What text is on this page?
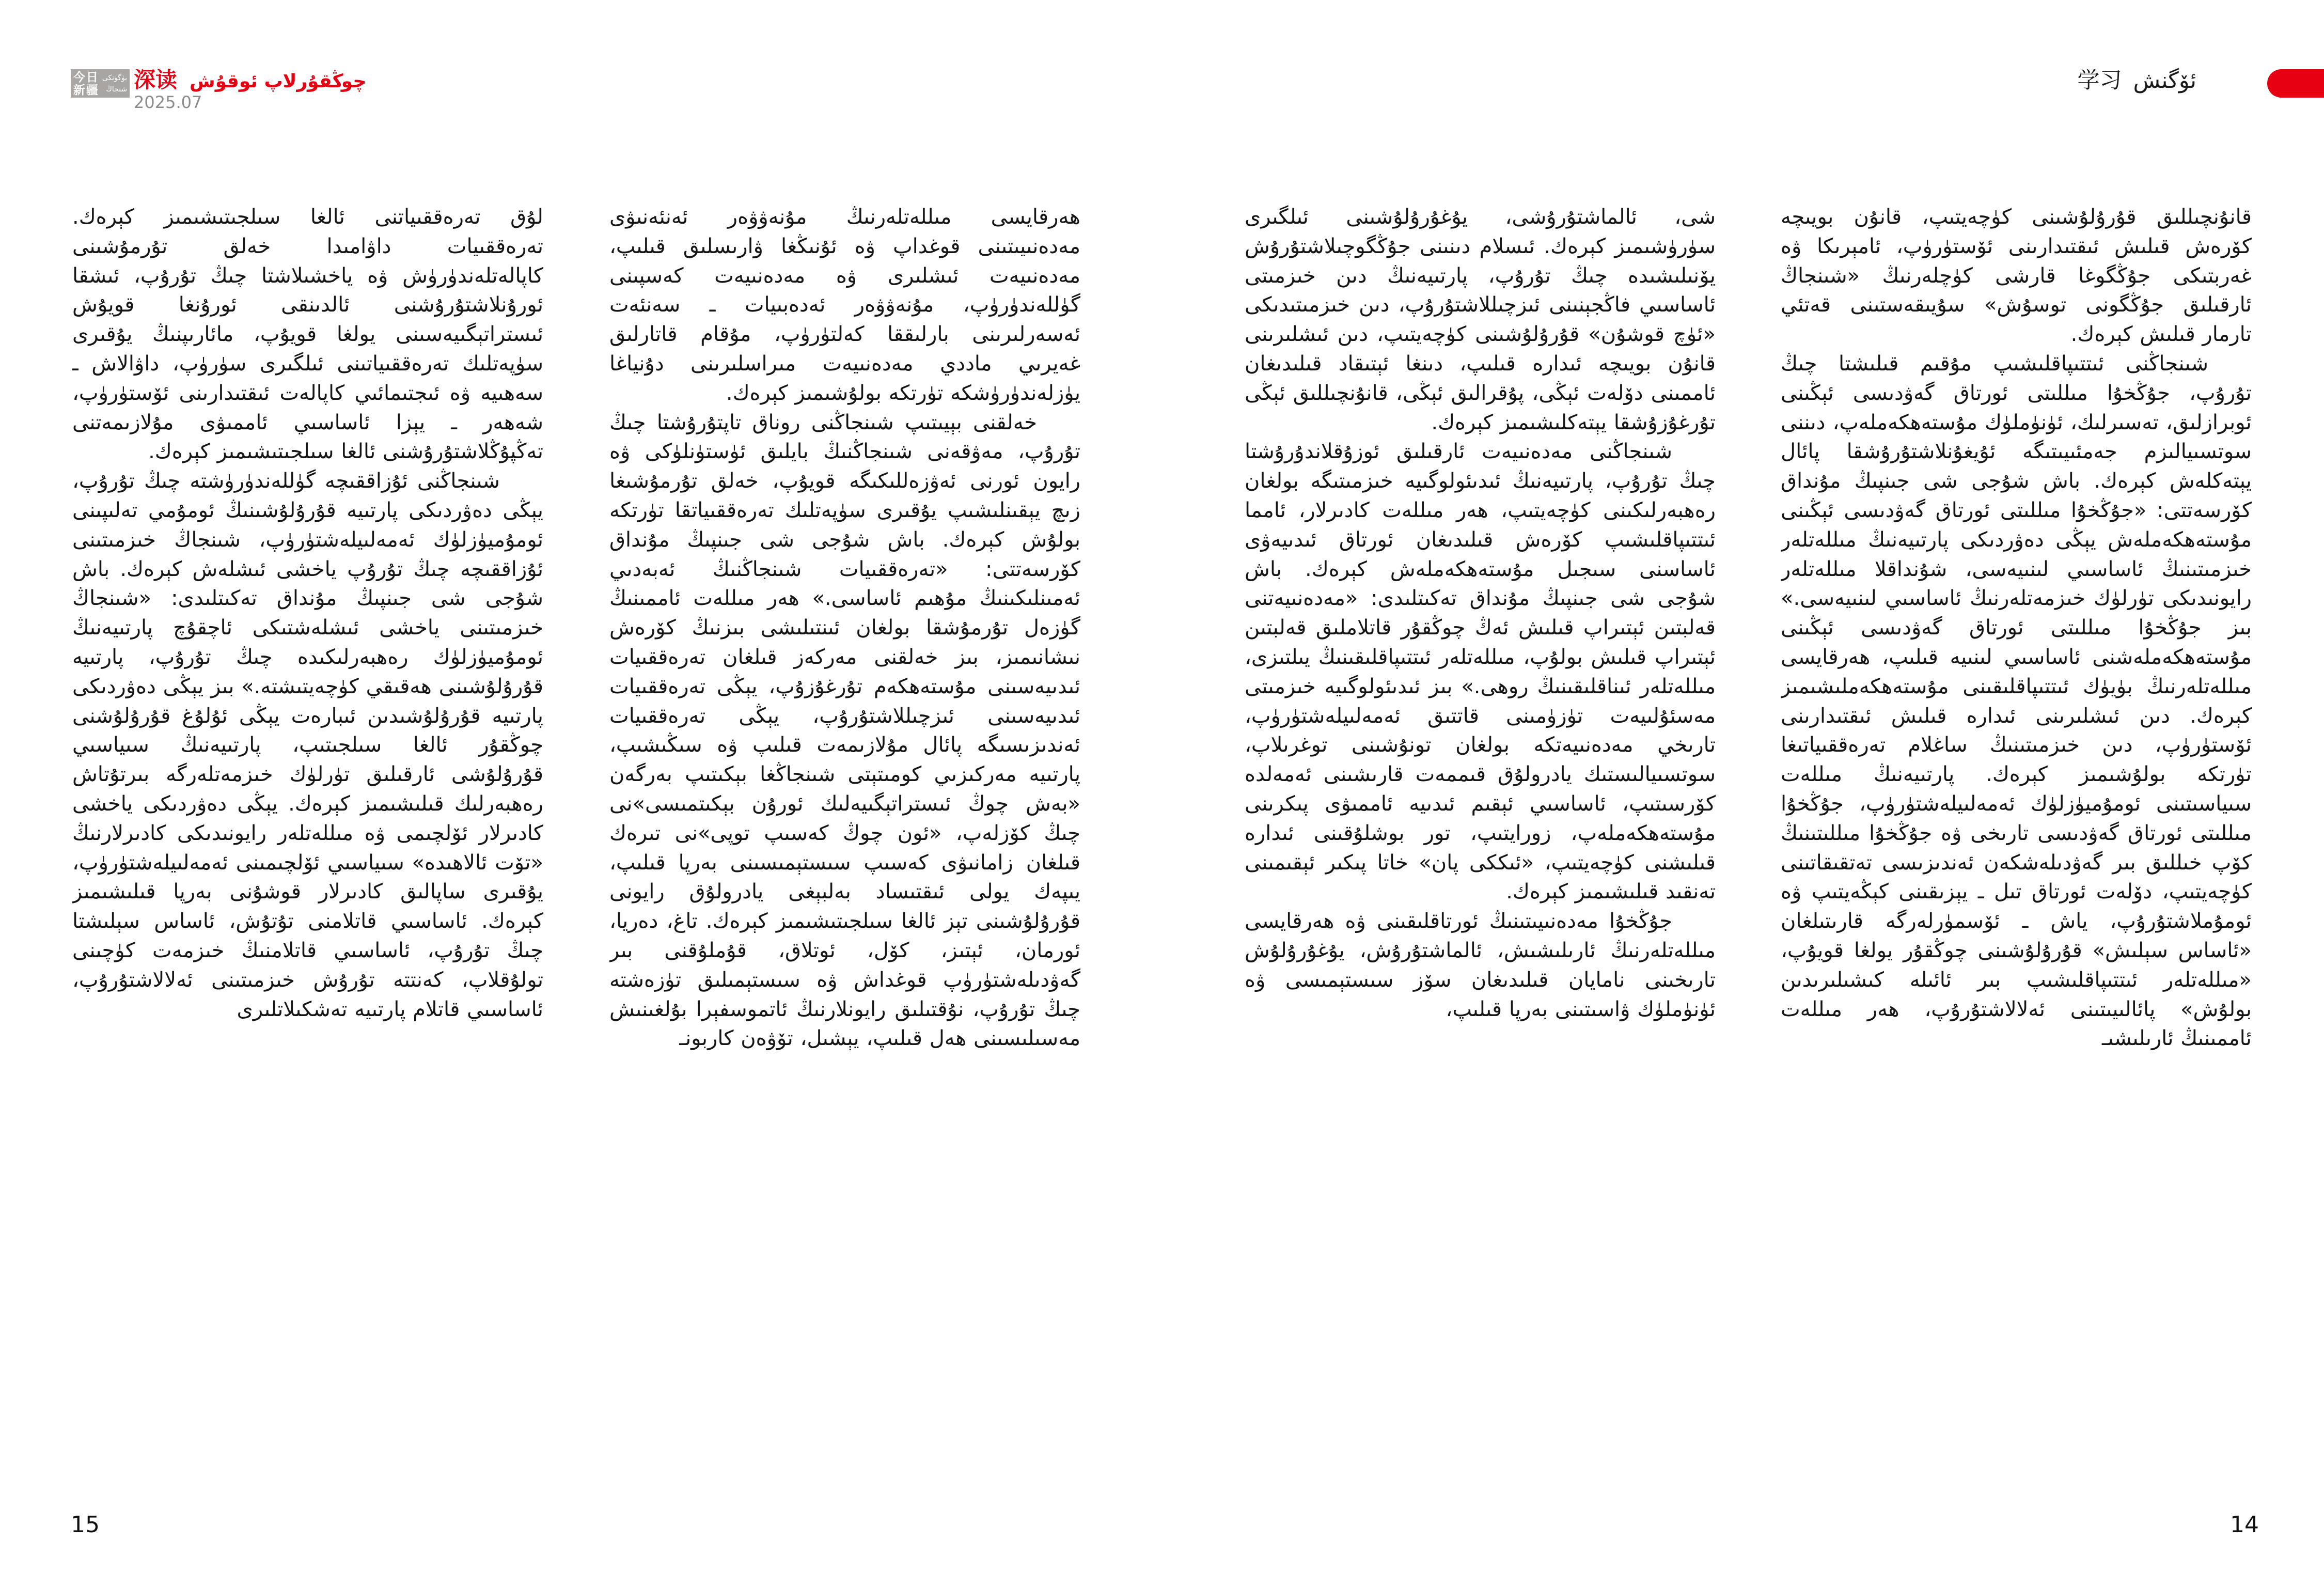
今日
新疆
بۈگۈنكى
شنجاڭ 深读 چوڭقۇرلاپ ئوقۇش
2025.07
ئۆگنش
学习

لۇق تەرەققىياتنى ئالغا سىلجىتىشىمىز كېرەك. تەرەققىيات داۋامىدا خەلق تۇرمۇشىنى كاپالەتلەندۈرۈش ۋە ياخشىلاشتا چىڭ تۇرۇپ، ئىشقا ئورۇنلاشتۇرۇشنى ئالدىنقى ئورۇنغا قويۇش ئىستراتېگىيەسىنى يولغا قويۇپ، مائارىپنىڭ يۇقىرى سۈپەتلىك تەرەققىياتىنى ئىلگىرى سۈرۈپ، داۋالاش ـ سەھىيە ۋە ئىجتىمائىي كاپالەت ئىقتىدارىنى ئۆستۈرۈپ، شەھەر ـ يېزا ئاساسىي ئاممىۋى مۇلازىمەتنى تەڭپۇڭلاشتۇرۇشنى ئالغا سىلجىتىشىمىز كېرەك.

شىنجاڭنى ئۇزاققىچە گۈللەندۈرۈشتە چىڭ تۇرۇپ، يېڭى دەۋردىكى پارتىيە قۇرۇلۇشىنىڭ ئومۇمي تەلىپىنى ئومۇميۈزلۈك ئەمەلىيلەشتۈرۈپ، شىنجاڭ خىزمىتىنى ئۇزاققىچە چىڭ تۇرۇپ ياخشى ئىشلەش كېرەك. باش شۇجى شى جىنپىڭ مۇنداق تەكىتلىدى: «شىنجاڭ خىزمىتىنى ياخشى ئىشلەشتىكى ئاچقۇچ پارتىيەنىڭ ئومۇميۈزلۈك رەھبەرلىكىدە چىڭ تۇرۇپ، پارتىيە قۇرۇلۇشىنى ھەقىقي كۈچەيتىشتە.» بىز يېڭى دەۋردىكى پارتىيە قۇرۇلۇشىدىن ئىبارەت يېڭى ئۇلۇغ قۇرۇلۇشنى چوڭقۇر ئالغا سىلجىتىپ، پارتىيەنىڭ سىياسىي قۇرۇلۇشى ئارقىلىق تۈرلۈك خىزمەتلەرگە بىرتۇتاش رەھبەرلىك قىلىشىمىز كېرەك. يېڭى دەۋردىكى ياخشى كادىرلار ئۆلچىمى ۋە مىللەتلەر رايونىدىكى كادىرلارنىڭ «تۆت ئالاھىدە» سىياسىي ئۆلچىمىنى ئەمەلىيلەشتۈرۈپ، يۇقىرى ساپالىق كادىرلار قوشۇنى بەرپا قىلىشىمىز كېرەك. ئاساسىي قاتلامنى تۇتۇش، ئاساس سېلىشتا چىڭ تۇرۇپ، ئاساسىي قاتلامنىڭ خىزمەت كۈچىنى تولۇقلاپ، كەنتتە تۇرۇش خىزمىتىنى ئەلالاشتۇرۇپ، ئاساسىي قاتلام پارتىيە تەشكىلاتلىرى

ھەرقايسى مىللەتلەرنىڭ مۇنەۋۋەر ئەنئەنىۋى مەدەنىيىتىنى قوغداپ ۋە ئۇنىڭغا ۋارىسلىق قىلىپ، مەدەنىيەت ئىشلىرى ۋە مەدەنىيەت كەسپىنى گۈللەندۈرۈپ، مۇنەۋۋەر ئەدەبىيات ـ سەنئەت ئەسەرلىرىنى بارلىققا كەلتۈرۈپ، مۇقام قاتارلىق غەيرىي ماددي مەدەنىيەت مىراسلىرىنى دۇنياغا يۈزلەندۈرۈشكە تۈرتكە بولۇشىمىز كېرەك.

خەلقنى بېيىتىپ شىنجاڭنى روناق تاپتۇرۇشتا چىڭ تۇرۇپ، مەۋقەنى شىنجاڭنىڭ بايلىق ئۈستۈنلۈكى ۋە رايون ئورنى ئەۋزەللىكىگە قويۇپ، خەلق تۇرمۇشىغا زىچ يېقىنلىشىپ يۇقىرى سۈپەتلىك تەرەققىياتقا تۈرتكە بولۇش كېرەك. باش شۇجى شى جىنپىڭ مۇنداق كۆرسەتتى: «تەرەققىيات شىنجاڭنىڭ ئەبەدىي ئەمىنلىكىنىڭ مۇھىم ئاساسى.» ھەر مىللەت ئاممىنىڭ گۈزەل تۇرمۇشقا بولغان ئىنتىلىشى بىزنىڭ كۆرەش نىشانىمىز، بىز خەلقنى مەركەز قىلغان تەرەققىيات ئىدىيەسىنى مۇستەھكەم تۇرغۇزۇپ، يېڭى تەرەققىيات ئىدىيەسىنى ئىزچىللاشتۇرۇپ، يېڭى تەرەققىيات ئەندىزىسىگە پائال مۇلازىمەت قىلىپ ۋە سىڭىشىپ، پارتىيە مەركىزىي كومىتېتى شىنجاڭغا بېكىتىپ بەرگەن «بەش چوڭ ئىستراتېگىيەلىك ئورۇن بېكىتمىسى»نى چىڭ كۆزلەپ، «ئون چوڭ كەسىپ توپى»نى تىرەك قىلغان زامانىۋى كەسىپ سىستېمىسىنى بەرپا قىلىپ، يىپەك يولى ئىقتىساد بەلبېغى يادرولۇق رايونى قۇرۇلۇشىنى تېز ئالغا سىلجىتىشىمىز كېرەك. تاغ، دەريا، ئورمان، ئېتىز، كۆل، ئوتلاق، قۇملۇقنى بىر گەۋدىلەشتۈرۈپ قوغداش ۋە سىستېمىلىق تۈزەشتە چىڭ تۇرۇپ، نۇقتىلىق رايونلارنىڭ ئاتموسفېرا بۇلغىنىش مەسىلىسىنى ھەل قىلىپ، يېشىل، تۆۋەن كاربونـ

شى، ئالماشتۇرۇشى، يۇغۇرۇلۇشىنى ئىلگىرى سۈرۈشىمىز كېرەك. ئىسلام دىنىنى جۇڭگوچىلاشتۇرۇش يۆنىلىشىدە چىڭ تۇرۇپ، پارتىيەنىڭ دىن خىزمىتى ئاساسىي فاڭجېنىنى ئىزچىللاشتۇرۇپ، دىن خىزمىتىدىكى «ئۈچ قوشۇن» قۇرۇلۇشىنى كۈچەيتىپ، دىن ئىشلىرىنى قانۇن بويىچە ئىدارە قىلىپ، دىنغا ئېتىقاد قىلىدىغان ئاممىنى دۆلەت ئېڭى، پۇقرالىق ئېڭى، قانۇنچىللىق ئېڭى تۇرغۇزۇشقا يېتەكلىشىمىز كېرەك.

شىنجاڭنى مەدەنىيەت ئارقىلىق ئوزۇقلاندۇرۇشتا چىڭ تۇرۇپ، پارتىيەنىڭ ئىدىئولوگىيە خىزمىتىگە بولغان رەھبەرلىكىنى كۈچەيتىپ، ھەر مىللەت كادىرلار، ئامما ئىتتىپاقلىشىپ كۆرەش قىلىدىغان ئورتاق ئىدىيەۋى ئاساسنى سىجىل مۇستەھكەملەش كېرەك. باش شۇجى شى جىنپىڭ مۇنداق تەكىتلىدى: «مەدەنىيەتنى قەلبتىن ئېتىراپ قىلىش ئەڭ چوڭقۇر قاتلاملىق قەلبتىن ئېتىراپ قىلىش بولۇپ، مىللەتلەر ئىتتىپاقلىقىنىڭ يىلتىزى، مىللەتلەر ئىناقلىقىنىڭ روھى.» بىز ئىدىئولوگىيە خىزمىتى مەسئۇلىيەت تۈزۈمىنى قاتتىق ئەمەلىيلەشتۈرۈپ، تارىخي مەدەنىيەتكە بولغان تونۇشىنى توغرىلاپ، سوتسىيالىستىك يادرولۇق قىممەت قارىشىنى ئەمەلدە كۆرسىتىپ، ئاساسىي ئېقىم ئىدىيە ئاممىۋى پىكرىنى مۇستەھكەملەپ، زورايتىپ، تور بوشلۇقىنى ئىدارە قىلىشنى كۈچەيتىپ، «ئىككى پان» خاتا پىكىر ئېقىمىنى تەنقىد قىلىشىمىز كېرەك.

جۇڭخۇا مەدەنىيىتىنىڭ ئورتاقلىقىنى ۋە ھەرقايسى مىللەتلەرنىڭ ئارىلىشىش، ئالماشتۇرۇش، يۇغۇرۇلۇش تارىخىنى نامايان قىلىدىغان سۆز سىستېمىسى ۋە ئۈنۈملۈك ۋاسىتىنى بەرپا قىلىپ،

قانۇنچىللىق قۇرۇلۇشىنى كۈچەيتىپ، قانۇن بويىچە كۆرەش قىلىش ئىقتىدارىنى ئۆستۈرۈپ، ئامېرىكا ۋە غەربتىكى جۇڭگوغا قارشى كۈچلەرنىڭ «شىنجاڭ ئارقىلىق جۇڭگونى توسۇش» سۇيىقەستىنى قەتئي تارمار قىلىش كېرەك.

شىنجاڭنى ئىتتىپاقلىشىپ مۇقىم قىلىشتا چىڭ تۇرۇپ، جۇڭخۇا مىللىتى ئورتاق گەۋدىسى ئېڭىنى ئوبرازلىق، تەسىرلىك، ئۈنۈملۈك مۇستەھكەملەپ، دىننى سوتسىيالىزم جەمئىيىتىگە ئۇيغۇنلاشتۇرۇشقا پائال يېتەكلەش كېرەك. باش شۇجى شى جىنپىڭ مۇنداق كۆرسەتتى: «جۇڭخۇا مىللىتى ئورتاق گەۋدىسى ئېڭىنى مۇستەھكەملەش يېڭى دەۋردىكى پارتىيەنىڭ مىللەتلەر خىزمىتىنىڭ ئاساسىي لىنىيەسى، شۇنداقلا مىللەتلەر رايونىدىكى تۈرلۈك خىزمەتلەرنىڭ ئاساسىي لىنىيەسى.» بىز جۇڭخۇا مىللىتى ئورتاق گەۋدىسى ئېڭىنى مۇستەھكەملەشنى ئاساسىي لىنىيە قىلىپ، ھەرقايسى مىللەتلەرنىڭ بۈيۈك ئىتتىپاقلىقىنى مۇستەھكەملىشىمىز كېرەك. دىن ئىشلىرىنى ئىدارە قىلىش ئىقتىدارىنى ئۆستۈرۈپ، دىن خىزمىتىنىڭ ساغلام تەرەققىياتىغا تۈرتكە بولۇشىمىز كېرەك. پارتىيەنىڭ مىللەت سىياسىتىنى ئومۇميۈزلۈك ئەمەلىيلەشتۈرۈپ، جۇڭخۇا مىللىتى ئورتاق گەۋدىسى تارىخى ۋە جۇڭخۇا مىللىتىنىڭ كۆپ خىللىق بىر گەۋدىلەشكەن ئەندىزىسى تەتقىقاتىنى كۈچەيتىپ، دۆلەت ئورتاق تىل ـ يېزىقىنى كېڭەيتىپ ۋە ئومۇملاشتۇرۇپ، ياش ـ ئۆسمۈرلەرگە قارىتىلغان «ئاساس سېلىش» قۇرۇلۇشىنى چوڭقۇر يولغا قويۇپ، «مىللەتلەر ئىتتىپاقلىشىپ بىر ئائىلە كىشىلىرىدىن بولۇش» پائالىيىتىنى ئەلالاشتۇرۇپ، ھەر مىللەت ئاممىنىڭ ئارىلىشىـ

15	14
